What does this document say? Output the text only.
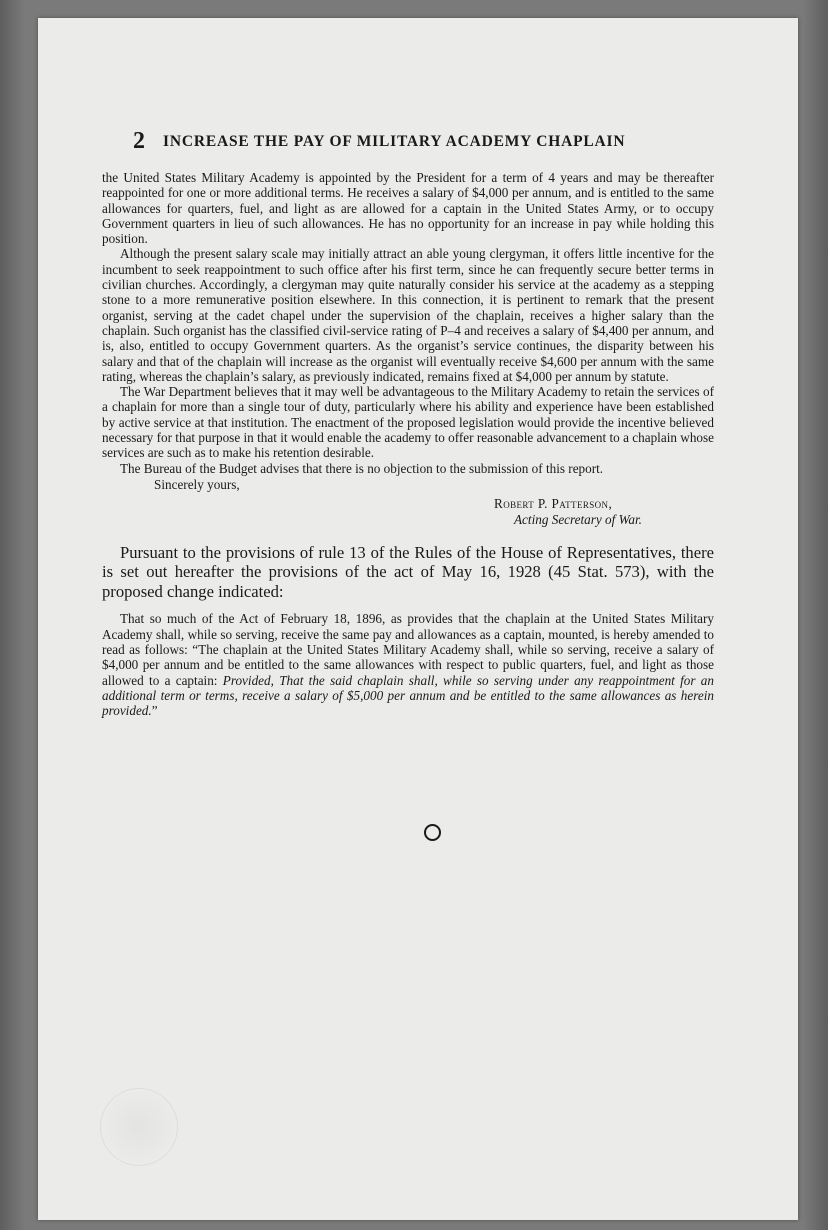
2 INCREASE THE PAY OF MILITARY ACADEMY CHAPLAIN

the United States Military Academy is appointed by the President for a term of 4 years and may be thereafter reappointed for one or more additional terms. He receives a salary of $4,000 per annum, and is entitled to the same allowances for quarters, fuel, and light as are allowed for a captain in the United States Army, or to occupy Government quarters in lieu of such allowances. He has no opportunity for an increase in pay while holding this position.

Although the present salary scale may initially attract an able young clergyman, it offers little incentive for the incumbent to seek reappointment to such office after his first term, since he can frequently secure better terms in civilian churches. Accordingly, a clergyman may quite naturally consider his service at the academy as a stepping stone to a more remunerative position elsewhere. In this connection, it is pertinent to remark that the present organist, serving at the cadet chapel under the supervision of the chaplain, receives a higher salary than the chaplain. Such organist has the classified civil-service rating of P–4 and receives a salary of $4,400 per annum, and is, also, entitled to occupy Government quarters. As the organist’s service continues, the disparity between his salary and that of the chaplain will increase as the organist will eventually receive $4,600 per annum with the same rating, whereas the chaplain’s salary, as previously indicated, remains fixed at $4,000 per annum by statute.

The War Department believes that it may well be advantageous to the Military Academy to retain the services of a chaplain for more than a single tour of duty, particularly where his ability and experience have been established by active service at that institution. The enactment of the proposed legislation would provide the incentive believed necessary for that purpose in that it would enable the academy to offer reasonable advancement to a chaplain whose services are such as to make his retention desirable.

The Bureau of the Budget advises that there is no objection to the submission of this report.

Sincerely yours,

Robert P. Patterson,
Acting Secretary of War.

Pursuant to the provisions of rule 13 of the Rules of the House of Representatives, there is set out hereafter the provisions of the act of May 16, 1928 (45 Stat. 573), with the proposed change indicated:

That so much of the Act of February 18, 1896, as provides that the chaplain at the United States Military Academy shall, while so serving, receive the same pay and allowances as a captain, mounted, is hereby amended to read as follows: “The chaplain at the United States Military Academy shall, while so serving, receive a salary of $4,000 per annum and be entitled to the same allowances with respect to public quarters, fuel, and light as those allowed to a captain: Provided, That the said chaplain shall, while so serving under any reappointment for an additional term or terms, receive a salary of $5,000 per annum and be entitled to the same allowances as herein provided.”
